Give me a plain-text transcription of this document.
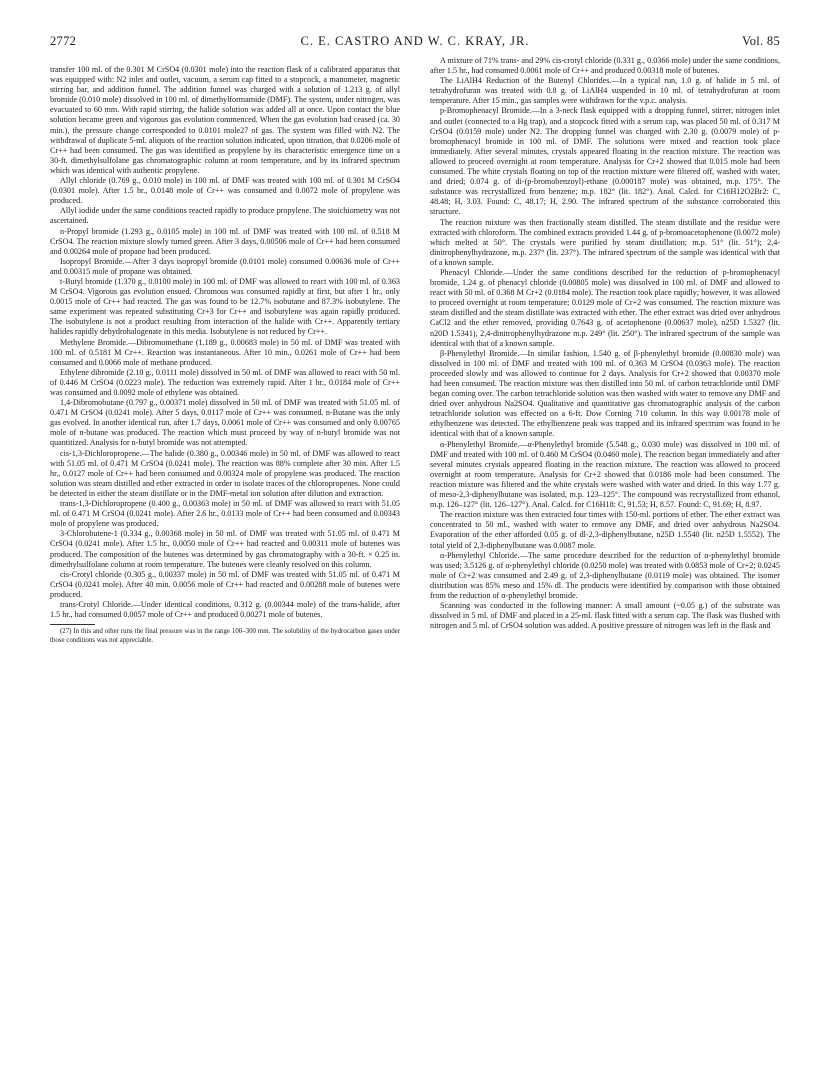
2772	C. E. CASTRO AND W. C. KRAY, JR.	Vol. 85

transfer 100 ml. of the 0.301 M CrSO4 (0.0301 mole) into the reaction flask of a calibrated apparatus that was equipped with: N2 inlet and outlet, vacuum, a serum cap fitted to a stopcock, a manometer, magnetic stirring bar, and addition funnel. The addition funnel was charged with a solution of 1.213 g. of allyl bromide (0.010 mole) dissolved in 100 ml. of dimethylformamide (DMF). The system, under nitrogen, was evacuated to 60 mm. With rapid stirring, the halide solution was added all at once. Upon contact the blue solution became green and vigorous gas evolution commenced. When the gas evolution had ceased (ca. 30 min.), the pressure change corresponded to 0.0101 mole27 of gas. The system was filled with N2. The withdrawal of duplicate 5-ml. aliquots of the reaction solution indicated, upon titration, that 0.0206 mole of Cr++ had been consumed. The gas was identified as propylene by its characteristic emergence time on a 30-ft. dimethylsulfolane gas chromatographic column at room temperature, and by its infrared spectrum which was identical with authentic propylene.

Allyl chloride (0.769 g., 0.010 mole) in 100 ml. of DMF was treated with 100 ml. of 0.301 M CrSO4 (0.0301 mole). After 1.5 hr., 0.0148 mole of Cr++ was consumed and 0.0072 mole of propylene was produced.

Allyl iodide under the same conditions reacted rapidly to produce propylene. The stoichiometry was not ascertained.

n-Propyl bromide (1.293 g., 0.0105 mole) in 100 ml. of DMF was treated with 100 ml. of 0.518 M CrSO4. The reaction mixture slowly turned green. After 3 days, 0.00506 mole of Cr++ had been consumed and 0.00264 mole of propane had been produced.

Isopropyl Bromide.—After 3 days isopropyl bromide (0.0101 mole) consumed 0.00636 mole of Cr++ and 0.00315 mole of propane was obtained.

t-Butyl bromide (1.370 g., 0.0100 mole) in 100 ml. of DMF was allowed to react with 100 ml. of 0.363 M CrSO4. Vigorous gas evolution ensued. Chromous was consumed rapidly at first, but after 1 hr., only 0.0015 mole of Cr++ had reacted. The gas was found to be 12.7% isobutane and 87.3% isobutylene. The same experiment was repeated substituting Cr+3 for Cr++ and isobutylene was again rapidly produced. The isobutylene is not a product resulting from interaction of the halide with Cr++. Apparently tertiary halides rapidly dehydrohalogenate in this media. Isobutylene is not reduced by Cr++.

Methylene Bromide.—Dibromomethane (1.189 g., 0.00683 mole) in 50 ml. of DMF was treated with 100 ml. of 0.5181 M Cr++. Reaction was instantaneous. After 10 min., 0.0261 mole of Cr++ had been consumed and 0.0066 mole of methane produced.

Ethylene dibromide (2.10 g., 0.0111 mole) dissolved in 50 ml. of DMF was allowed to react with 50 ml. of 0.446 M CrSO4 (0.0223 mole). The reduction was extremely rapid. After 1 hr., 0.0184 mole of Cr++ was consumed and 0.0092 mole of ethylene was obtained.

1,4-Dibromobutane (0.797 g., 0.00371 mole) dissolved in 50 ml. of DMF was treated with 51.05 ml. of 0.471 M CrSO4 (0.0241 mole). After 5 days, 0.0117 mole of Cr++ was consumed. n-Butane was the only gas evolved. In another identical run, after 1.7 days, 0.0061 mole of Cr++ was consumed and only 0.00765 mole of n-butane was produced. The reaction which must proceed by way of n-butyl bromide was not quantitized. Analysis for n-butyl bromide was not attempted.

cis-1,3-Dichloropropene.—The halide (0.380 g., 0.00346 mole) in 50 ml. of DMF was allowed to react with 51.05 ml. of 0.471 M CrSO4 (0.0241 mole). The reaction was 88% complete after 30 min. After 1.5 hr., 0.0127 mole of Cr++ had been consumed and 0.00324 mole of propylene was produced. The reaction solution was steam distilled and ether extracted in order to isolate traces of the chloropropenes. None could be detected in either the steam distillate or in the DMF-metal ion solution after dilution and extraction.

trans-1,3-Dichloropropene (0.400 g., 0.00363 mole) in 50 ml. of DMF was allowed to react with 51.05 ml. of 0.471 M CrSO4 (0.0241 mole). After 2.6 hr., 0.0133 mole of Cr++ had been consumed and 0.00343 mole of propylene was produced.

3-Chlorobutene-1 (0.334 g., 0.00368 mole) in 50 ml. of DMF was treated with 51.05 ml. of 0.471 M CrSO4 (0.0241 mole). After 1.5 hr., 0.0050 mole of Cr++ had reacted and 0.00311 mole of butenes was produced. The composition of the butenes was determined by gas chromatography with a 30-ft. × 0.25 in. dimethylsulfolane column at room temperature. The butenes were cleanly resolved on this column.

cis-Crotyl chloride (0.305 g., 0.00337 mole) in 50 ml. of DMF was treated with 51.05 ml. of 0.471 M CrSO4 (0.0241 mole). After 40 min. 0.0056 mole of Cr++ had reacted and 0.00288 mole of butenes were produced.

trans-Crotyl Chloride.—Under identical conditions, 0.312 g. (0.00344 mole) of the trans-halide, after 1.5 hr., had consumed 0.0057 mole of Cr++ and produced 0.00271 mole of butenes.

(27) In this and other runs the final pressure was in the range 100–300 mm. The solubility of the hydrocarbon gases under those conditions was not appreciable.

A mixture of 71% trans- and 29% cis-crotyl chloride (0.331 g., 0.0366 mole) under the same conditions, after 1.5 hr., had consumed 0.0061 mole of Cr++ and produced 0.00318 mole of butenes.

The LiAlH4 Reduction of the Butenyl Chlorides.—In a typical run, 1.0 g. of halide in 5 ml. of tetrahydrofuran was treated with 0.8 g. of LiAlH4 suspended in 10 ml. of tetrahydrofuran at room temperature. After 15 min., gas samples were withdrawn for the v.p.c. analysis.

p-Bromophenacyl Bromide.—In a 3-neck flask equipped with a dropping funnel, stirrer, nitrogen inlet and outlet (connected to a Hg trap), and a stopcock fitted with a serum cap, was placed 50 ml. of 0.317 M CrSO4 (0.0159 mole) under N2. The dropping funnel was charged with 2.30 g. (0.0079 mole) of p-bromophenacyl bromide in 100 ml. of DMF. The solutions were mixed and reaction took place immediately. After several minutes, crystals appeared floating in the reaction mixture. The reaction was allowed to proceed overnight at room temperature. Analysis for Cr+2 showed that 0.015 mole had been consumed. The white crystals floating on top of the reaction mixture were filtered off, washed with water, and dried; 0.074 g. of di-(p-bromobenzoyl)-ethane (0.000187 mole) was obtained, m.p. 175°. The substance was recrystallized from benzene; m.p. 182° (lit. 182°). Anal. Calcd. for C16H12O2Br2: C, 48.48; H, 3.03. Found: C, 48.17; H, 2.90. The infrared spectrum of the substance corroborated this structure.

The reaction mixture was then fractionally steam distilled. The steam distillate and the residue were extracted with chloroform. The combined extracts provided 1.44 g. of p-bromoacetophenone (0.0072 mole) which melted at 50°. The crystals were purified by steam distillation; m.p. 51° (lit. 51°); 2,4-dinitrophenylhydrazone, m.p. 237° (lit. 237°). The infrared spectrum of the sample was identical with that of a known sample.

Phenacyl Chloride.—Under the same conditions described for the reduction of p-bromophenacyl bromide, 1.24 g. of phenacyl chloride (0.00805 mole) was dissolved in 100 ml. of DMF and allowed to react with 50 ml. of 0.368 M Cr+2 (0.0184 mole). The reaction took place rapidly; however, it was allowed to proceed overnight at room temperature; 0.0129 mole of Cr+2 was consumed. The reaction mixture was steam distilled and the steam distillate was extracted with ether. The ether extract was dried over anhydrous CaCl2 and the ether removed, providing 0.7643 g. of acetophenone (0.00637 mole), n25D 1.5327 (lit. n20D 1.5341), 2,4-dinitrophenylhydrazone m.p. 249° (lit. 250°). The infrared spectrum of the sample was identical with that of a known sample.

β-Phenylethyl Bromide.—In similar fashion, 1.540 g. of β-phenylethyl bromide (0.00830 mole) was dissolved in 100 ml. of DMF and treated with 100 ml. of 0.363 M CrSO4 (0.0363 mole). The reaction proceeded slowly and was allowed to continue for 2 days. Analysis for Cr+2 showed that 0.00370 mole had been consumed. The reaction mixture was then distilled into 50 ml. of carbon tetrachloride until DMF began coming over. The carbon tetrachloride solution was then washed with water to remove any DMF and dried over anhydrous Na2SO4. Qualitative and quantitative gas chromatographic analysis of the carbon tetrachloride solution was effected on a 6-ft. Dow Corning 710 column. In this way 0.00178 mole of ethylbenzene was detected. The ethylbenzene peak was trapped and its infrared spectrum was found to be identical with that of a known sample.

α-Phenylethyl Bromide.—α-Phenylethyl bromide (5.548 g., 0.030 mole) was dissolved in 100 ml. of DMF and treated with 100 ml. of 0.460 M CrSO4 (0.0460 mole). The reaction began immediately and after several minutes crystals appeared floating in the reaction mixture. The reaction was allowed to proceed overnight at room temperature. Analysis for Cr+2 showed that 0.0186 mole had been consumed. The reaction mixture was filtered and the white crystals were washed with water and dried. In this way 1.77 g. of meso-2,3-diphenylbutane was isolated, m.p. 123–125°. The compound was recrystallized from ethanol, m.p. 126–127° (lit. 126–127°). Anal. Calcd. for C16H18: C, 91.53; H, 8.57. Found: C, 91.69; H, 8.97.

The reaction mixture was then extracted four times with 150-ml. portions of ether. The ether extract was concentrated to 50 ml., washed with water to remove any DMF, and dried over anhydrous Na2SO4. Evaporation of the ether afforded 0.05 g. of dl-2,3-diphenylbutane, n25D 1.5540 (lit. n25D 1.5552). The total yield of 2,3-diphenylbutane was 0.0087 mole.

α-Phenylethyl Chloride.—The same procedure described for the reduction of α-phenylethyl bromide was used; 3.5126 g. of α-phenylethyl chloride (0.0250 mole) was treated with 0.0853 mole of Cr+2; 0.0245 mole of Cr+2 was consumed and 2.49 g. of 2,3-diphenylbutane (0.0119 mole) was obtained. The isomer distribution was 85% meso and 15% dl. The products were identified by comparison with those obtained from the reduction of α-phenylethyl bromide.

Scanning was conducted in the following manner: A small amount (~0.05 g.) of the substrate was dissolved in 5 ml. of DMF and placed in a 25-ml. flask fitted with a serum cap. The flask was flushed with nitrogen and 5 ml. of CrSO4 solution was added. A positive pressure of nitrogen was left in the flask and
